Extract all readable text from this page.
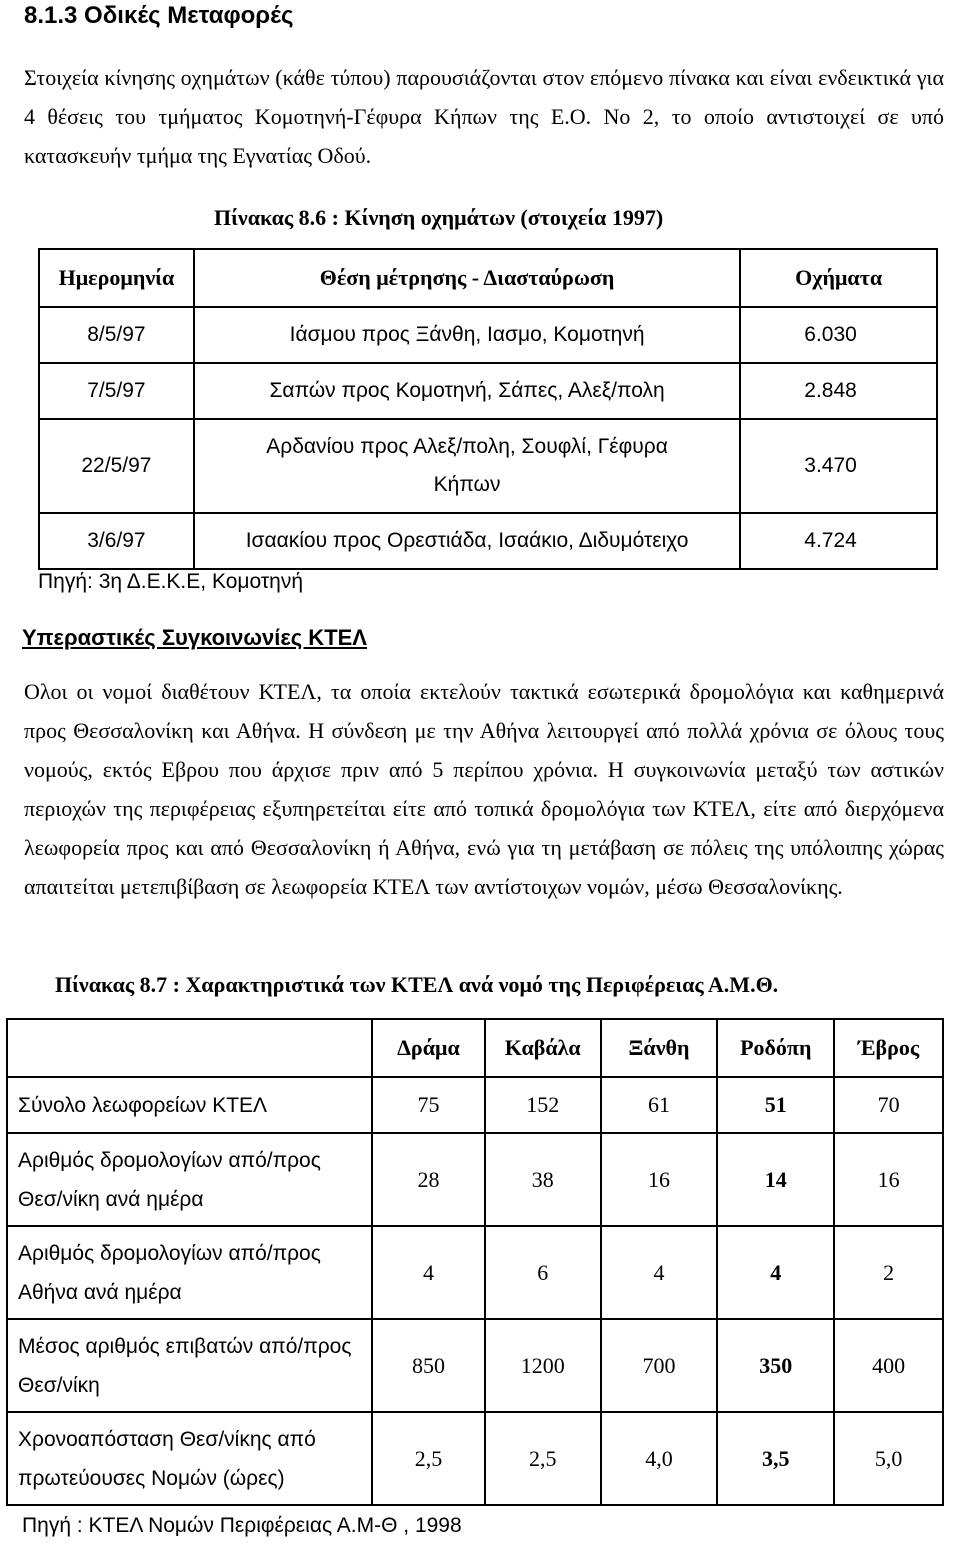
8.1.3 Οδικές Μεταφορές
Στοιχεία κίνησης οχημάτων (κάθε τύπου) παρουσιάζονται στον επόμενο πίνακα και είναι ενδεικτικά για 4 θέσεις του τμήματος Κομοτηνή-Γέφυρα Κήπων της Ε.Ο. Νο 2, το οποίο αντιστοιχεί σε υπό κατασκευήν τμήμα της Εγνατίας Οδού.
Πίνακας 8.6 : Κίνηση οχημάτων (στοιχεία 1997)
Ημερομηνία	Θέση μέτρησης - Διασταύρωση	Οχήματα
8/5/97	Ιάσμου προς Ξάνθη, Ιασμο, Κομοτηνή	6.030
7/5/97	Σαπών προς Κομοτηνή, Σάπες, Αλεξ/πολη	2.848
22/5/97	Αρδανίου προς Αλεξ/πολη, Σουφλί, Γέφυρα Κήπων	3.470
3/6/97	Ισαακίου προς Ορεστιάδα, Ισαάκιο, Διδυμότειχο	4.724
Πηγή: 3η Δ.Ε.Κ.Ε, Κομοτηνή
Υπεραστικές Συγκοινωνίες ΚΤΕΛ
Ολοι οι νομοί διαθέτουν ΚΤΕΛ, τα οποία εκτελούν τακτικά εσωτερικά δρομολόγια και καθημερινά προς Θεσσαλονίκη και Αθήνα. Η σύνδεση με την Αθήνα λειτουργεί από πολλά χρόνια σε όλους τους νομούς, εκτός Εβρου που άρχισε πριν από 5 περίπου χρόνια. Η συγκοινωνία μεταξύ των αστικών περιοχών της περιφέρειας εξυπηρετείται είτε από τοπικά δρομολόγια των ΚΤΕΛ, είτε από διερχόμενα λεωφορεία προς και από Θεσσαλονίκη ή Αθήνα, ενώ για τη μετάβαση σε πόλεις της υπόλοιπης χώρας απαιτείται μετεπιβίβαση σε λεωφορεία ΚΤΕΛ των αντίστοιχων νομών, μέσω Θεσσαλονίκης.
Πίνακας 8.7 : Χαρακτηριστικά των ΚΤΕΛ ανά νομό της Περιφέρειας Α.Μ.Θ.
	Δράμα	Καβάλα	Ξάνθη	Ροδόπη	Έβρος
Σύνολο λεωφορείων ΚΤΕΛ	75	152	61	51	70
Αριθμός δρομολογίων από/προς Θεσ/νίκη ανά ημέρα	28	38	16	14	16
Αριθμός δρομολογίων από/προς Αθήνα ανά ημέρα	4	6	4	4	2
Μέσος αριθμός επιβατών από/προς Θεσ/νίκη	850	1200	700	350	400
Χρονοαπόσταση Θεσ/νίκης από πρωτεύουσες Νομών (ώρες)	2,5	2,5	4,0	3,5	5,0
Πηγή : ΚΤΕΛ Νομών Περιφέρειας Α.Μ-Θ , 1998
